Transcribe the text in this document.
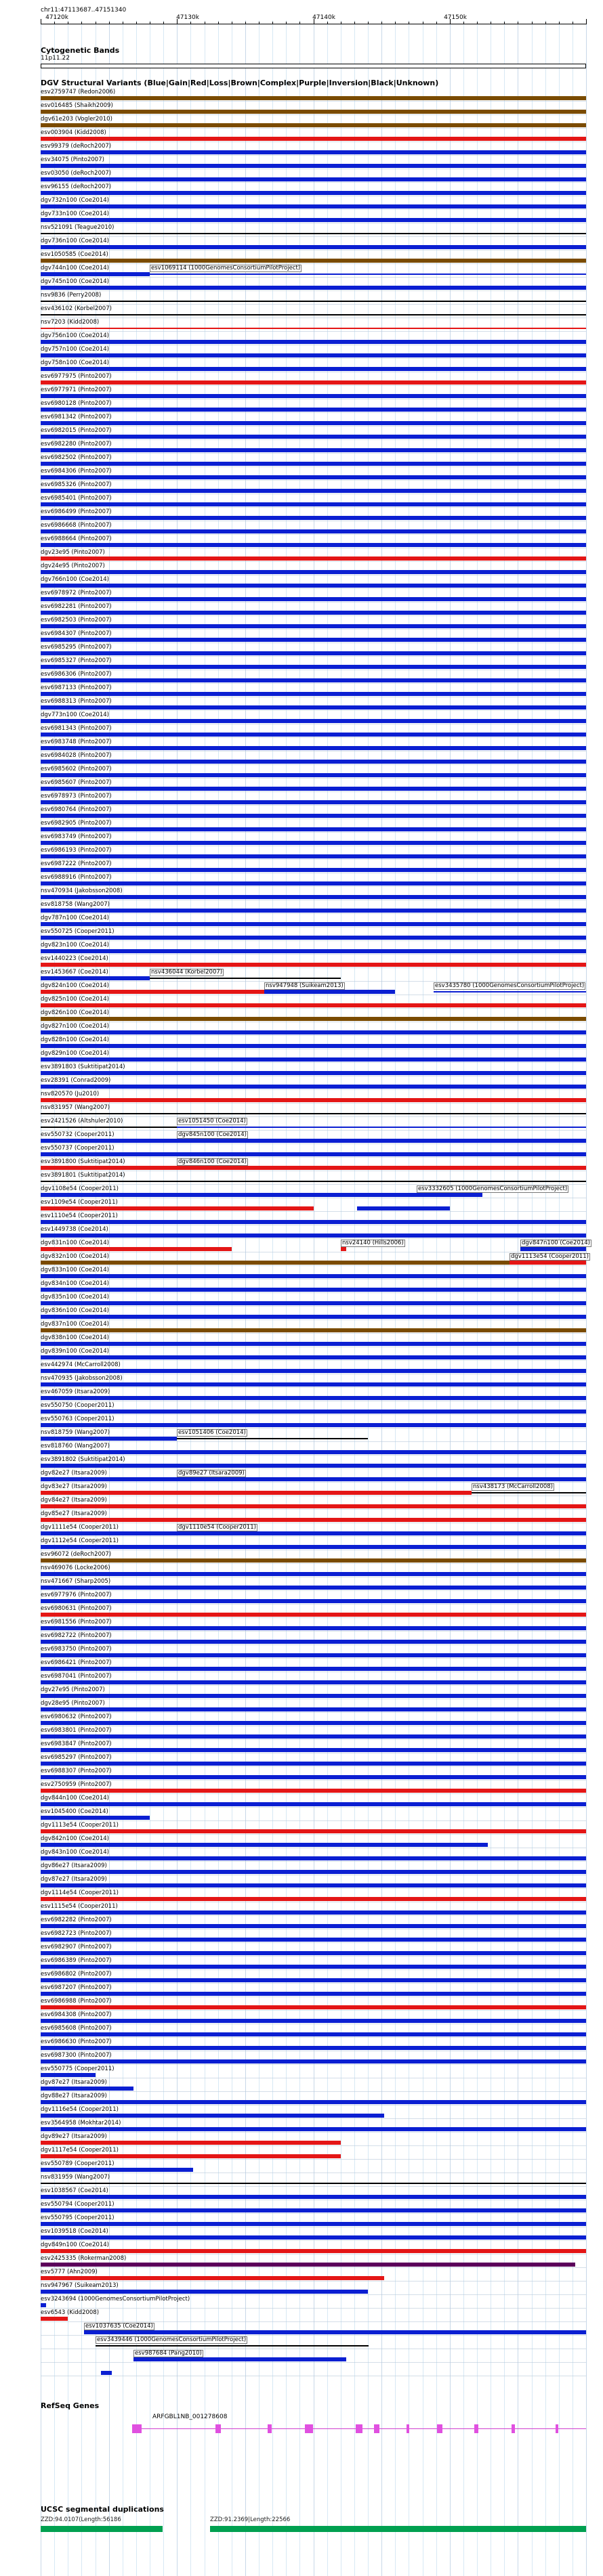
chr11:47113687..47151340
47120k	47130k	47140k	47150k
Cytogenetic Bands
11p11.22
DGV Structural Variants (Blue|Gain|Red|Loss|Brown|Complex|Purple|Inversion|Black|Unknown)
esv2759747 (Redon2006)
esv016485 (Shaikh2009)
dgv61e203 (Vogler2010)
esv003904 (Kidd2008)
esv99379 (deRoch2007)
esv34075 (Pinto2007)
esv03050 (deRoch2007)
esv96155 (deRoch2007)
dgv732n100 (Coe2014)
dgv733n100 (Coe2014)
nsv521091 (Teague2010)
dgv736n100 (Coe2014)
esv1050585 (Coe2014)
dgv744n100 (Coe2014)	esv1069114 (1000GenomesConsortiumPilotProject)
dgv745n100 (Coe2014)
nsv9836 (Perry2008)
esv436102 (Korbel2007)
nsv7203 (Kidd2008)
dgv756n100 (Coe2014)
dgv757n100 (Coe2014)
dgv758n100 (Coe2014)
esv6977975 (Pinto2007)
esv6977971 (Pinto2007)
esv6980128 (Pinto2007)
esv6981342 (Pinto2007)
esv6982015 (Pinto2007)
esv6982280 (Pinto2007)
esv6982502 (Pinto2007)
esv6984306 (Pinto2007)
esv6985326 (Pinto2007)
esv6985401 (Pinto2007)
esv6986499 (Pinto2007)
esv6986668 (Pinto2007)
esv6988664 (Pinto2007)
dgv23e95 (Pinto2007)
dgv24e95 (Pinto2007)
dgv766n100 (Coe2014)
esv6978972 (Pinto2007)
esv6982281 (Pinto2007)
esv6982503 (Pinto2007)
esv6984307 (Pinto2007)
esv6985295 (Pinto2007)
esv6985327 (Pinto2007)
esv6986306 (Pinto2007)
esv6987133 (Pinto2007)
esv6988313 (Pinto2007)
dgv773n100 (Coe2014)
esv6981343 (Pinto2007)
esv6983748 (Pinto2007)
esv6984028 (Pinto2007)
esv6985602 (Pinto2007)
esv6985607 (Pinto2007)
esv6978973 (Pinto2007)
esv6980764 (Pinto2007)
esv6982905 (Pinto2007)
esv6983749 (Pinto2007)
esv6986193 (Pinto2007)
esv6987222 (Pinto2007)
esv6988916 (Pinto2007)
nsv470934 (Jakobsson2008)
esv818758 (Wang2007)
dgv787n100 (Coe2014)
esv550725 (Cooper2011)
dgv823n100 (Coe2014)
esv1440223 (Coe2014)
esv1453667 (Coe2014)	nsv436044 (Korbel2007)
dgv824n100 (Coe2014)	nsv947948 (Suikeam2013)	esv3435780 (1000GenomesConsortiumPilotProject)
dgv825n100 (Coe2014)
dgv826n100 (Coe2014)
dgv827n100 (Coe2014)
dgv828n100 (Coe2014)
dgv829n100 (Coe2014)
esv3891803 (Suktitipat2014)
esv28391 (Conrad2009)
nsv820570 (Ju2010)
nsv831957 (Wang2007)
esv2421526 (Altshuler2010)	esv1051450 (Coe2014)
esv550732 (Cooper2011)	dgv845n100 (Coe2014)
esv550737 (Cooper2011)
esv3891800 (Suktitipat2014)	dgv846n100 (Coe2014)
esv3891801 (Suktitipat2014)
dgv1108e54 (Cooper2011)	esv3332605 (1000GenomesConsortiumPilotProject)
esv1109e54 (Cooper2011)
esv1110e54 (Cooper2011)
esv1449738 (Coe2014)
dgv831n100 (Coe2014)	nsv24140 (Hills2006)	dgv847n100 (Coe2014)
dgv832n100 (Coe2014)	dgv1113e54 (Cooper2011)
dgv833n100 (Coe2014)
dgv834n100 (Coe2014)
dgv835n100 (Coe2014)
dgv836n100 (Coe2014)
dgv837n100 (Coe2014)
dgv838n100 (Coe2014)
dgv839n100 (Coe2014)
esv442974 (McCarroll2008)
nsv470935 (Jakobsson2008)
esv467059 (Itsara2009)
esv550750 (Cooper2011)
esv550763 (Cooper2011)
nsv818759 (Wang2007)	esv1051406 (Coe2014)
esv818760 (Wang2007)
esv3891802 (Suktitipat2014)
dgv82e27 (Itsara2009)	dgv89e27 (Itsara2009)
dgv83e27 (Itsara2009)	nsv438173 (McCarroll2008)
dgv84e27 (Itsara2009)
dgv85e27 (Itsara2009)
dgv1111e54 (Cooper2011)	dgv1110e54 (Cooper2011)
dgv1112e54 (Cooper2011)
esv96072 (deRoch2007)
nsv469076 (Locke2006)
nsv471667 (Sharp2005)
esv6977976 (Pinto2007)
esv6980631 (Pinto2007)
esv6981556 (Pinto2007)
esv6982722 (Pinto2007)
esv6983750 (Pinto2007)
esv6986421 (Pinto2007)
esv6987041 (Pinto2007)
dgv27e95 (Pinto2007)
dgv28e95 (Pinto2007)
esv6980632 (Pinto2007)
esv6983801 (Pinto2007)
esv6983847 (Pinto2007)
esv6985297 (Pinto2007)
esv6988307 (Pinto2007)
esv2750959 (Pinto2007)
dgv844n100 (Coe2014)
esv1045400 (Coe2014)
dgv1113e54 (Cooper2011)
dgv842n100 (Coe2014)
dgv843n100 (Coe2014)
dgv86e27 (Itsara2009)
dgv87e27 (Itsara2009)
dgv1114e54 (Cooper2011)
esv1115e54 (Cooper2011)
esv6982282 (Pinto2007)
esv6982723 (Pinto2007)
esv6982907 (Pinto2007)
esv6986389 (Pinto2007)
esv6986802 (Pinto2007)
esv6987207 (Pinto2007)
esv6986988 (Pinto2007)
esv6984308 (Pinto2007)
esv6985608 (Pinto2007)
esv6986630 (Pinto2007)
esv6987300 (Pinto2007)
esv550775 (Cooper2011)
dgv87e27 (Itsara2009)
dgv88e27 (Itsara2009)
dgv1116e54 (Cooper2011)
esv3564958 (Mokhtar2014)
dgv89e27 (Itsara2009)
dgv1117e54 (Cooper2011)
esv550789 (Cooper2011)
nsv831959 (Wang2007)
esv1038567 (Coe2014)
esv550794 (Cooper2011)
esv550795 (Cooper2011)
esv1039518 (Coe2014)
dgv849n100 (Coe2014)
esv2425335 (Rokerman2008)
esv5777 (Ahn2009)
nsv947967 (Suikeam2013)
esv3243694 (1000GenomesConsortiumPilotProject)
esv6543 (Kidd2008)
esv1037635 (Coe2014)
esv3439446 (1000GenomesConsortiumPilotProject)
esv987684 (Pang2010)
RefSeq Genes
ARFGBL1NB_001278608
UCSC segmental duplications
ZZD:94.0107(Length:56186	ZZD:91.2369|Length:22566
